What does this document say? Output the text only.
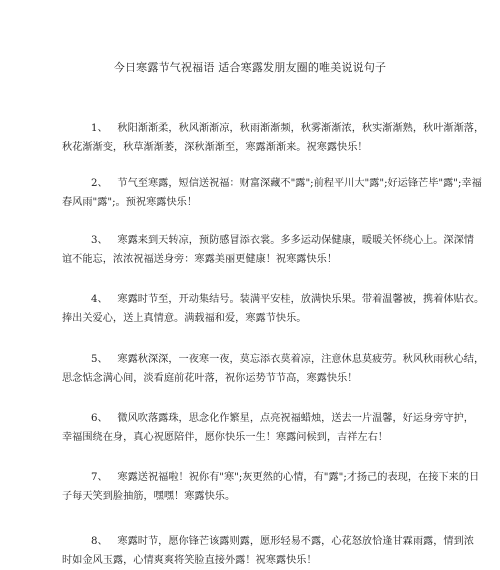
今日寒露节气祝福语 适合寒露发朋友圈的唯美说说句子
1、 秋阳渐渐柔，秋风渐渐凉，秋雨渐渐频，秋雾渐渐浓，秋实渐渐熟，秋叶渐渐落，
秋花渐渐变，秋草渐渐萎，深秋渐渐至，寒露渐渐来。祝寒露快乐！
2、 节气至寒露，短信送祝福：财富深藏不"露";前程平川大"露";好运锋芒毕"露";幸福
春风雨"露";。预祝寒露快乐！
3、 寒露来到天转凉，预防感冒添衣裳。多多运动保健康，暖暖关怀绕心上。深深情
谊不能忘，浓浓祝福送身旁：寒露美丽更健康！祝寒露快乐！
4、 寒露时节至，开动集结号。装满平安桂，放满快乐果。带着温馨被，携着体贴衣。
捧出关爱心，送上真情意。满载福和爱，寒露节快乐。
5、 寒露秋深深，一夜寒一夜，莫忘添衣莫着凉，注意休息莫疲劳。秋风秋雨秋心结，
思念惦念满心间，淡看庭前花叶落，祝你运势节节高，寒露快乐！
6、 微风吹落露珠，思念化作繁星，点亮祝福蜡烛，送去一片温馨，好运身旁守护，
幸福围绕在身，真心祝愿陪伴，愿你快乐一生！寒露问候到，吉祥左右！
7、 寒露送祝福啦！祝你有"寒";灰更然的心情，有"露";才扬己的表现，在接下来的日
子每天笑到脸抽筋，嘿嘿！寒露快乐。
8、 寒露时节，愿你锋芒该露则露，愿形轻易不露，心花怒放恰逢甘霖雨露，情到浓
时如金风玉露，心情爽爽将笑脸直接外露！祝寒露快乐！
